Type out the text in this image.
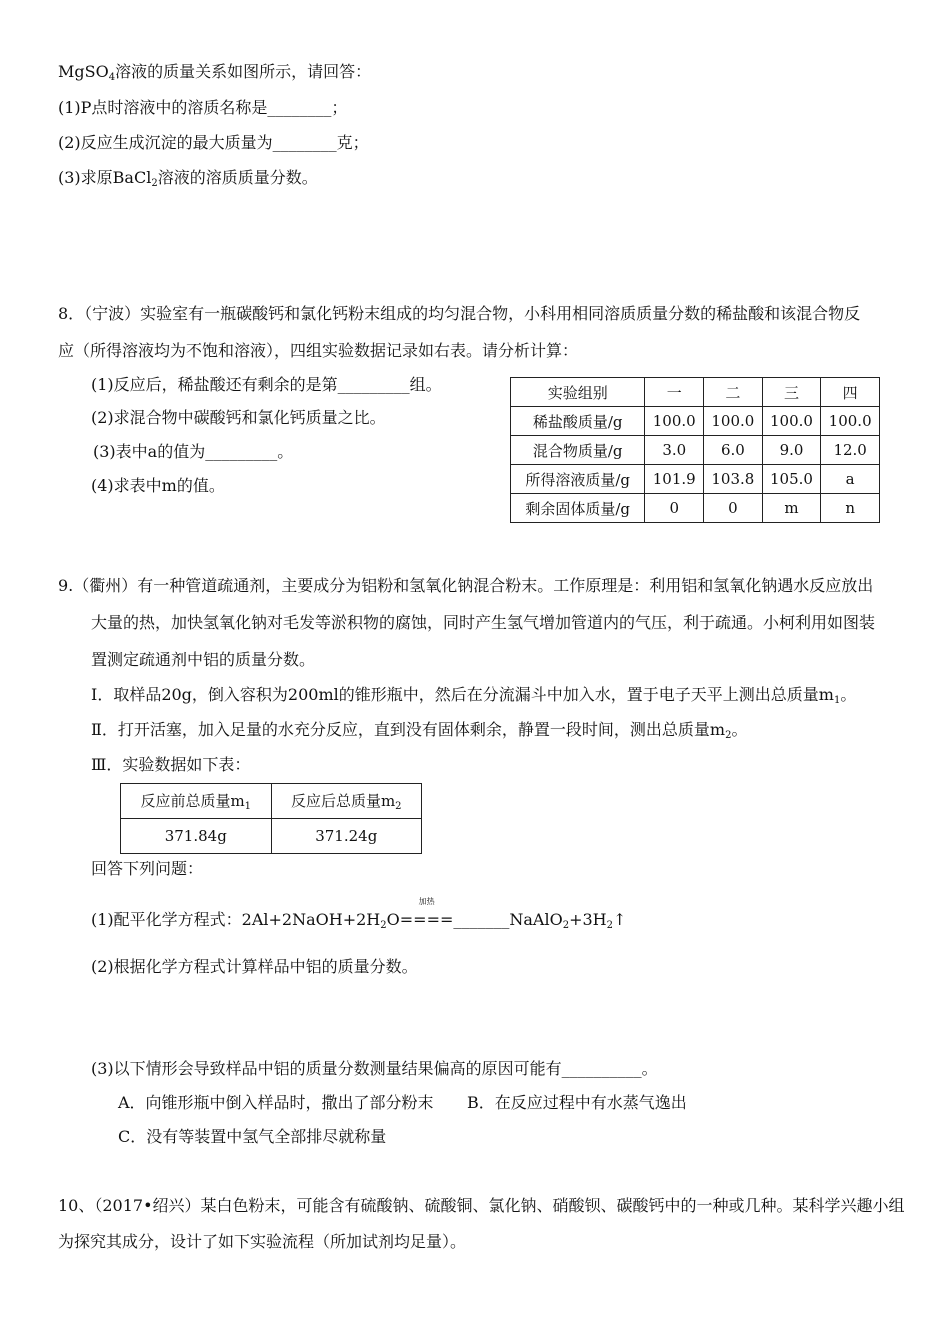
MgSO$_4$溶液的质量关系如图所示，请回答：
(1)P点时溶液中的溶质名称是________；
(2)反应生成沉淀的最大质量为________克；
(3)求原BaCl$_2$溶液的溶质质量分数。
8．（宁波）实验室有一瓶碳酸钙和氯化钙粉末组成的均匀混合物，小科用相同溶质质量分数的稀盐酸和该混合物反
应（所得溶液均为不饱和溶液），四组实验数据记录如右表。请分析计算：
(1)反应后，稀盐酸还有剩余的是第_________组。
(2)求混合物中碳酸钙和氯化钙质量之比。
(3)表中a的值为_________。
(4)求表中m的值。
实验组别	一	二	三	四
稀盐酸质量/g	100.0	100.0	100.0	100.0
混合物质量/g	3.0	6.0	9.0	12.0
所得溶液质量/g	101.9	103.8	105.0	a
剩余固体质量/g	0	0	m	n
9.（衢州）有一种管道疏通剂，主要成分为铝粉和氢氧化钠混合粉末。工作原理是：利用铝和氢氧化钠遇水反应放出
大量的热，加快氢氧化钠对毛发等淤积物的腐蚀，同时产生氢气增加管道内的气压，利于疏通。小柯利用如图装
置测定疏通剂中铝的质量分数。
Ⅰ．取样品20g，倒入容积为200ml的锥形瓶中，然后在分流漏斗中加入水，置于电子天平上测出总质量$m_1$。
Ⅱ．打开活塞，加入足量的水充分反应，直到没有固体剩余，静置一段时间，测出总质量$m_2$。
Ⅲ．实验数据如下表：
反应前总质量$m_1$	反应后总质量$m_2$
371.84g	371.24g
回答下列问题：
(1)配平化学方程式：$2Al+2NaOH+2H_2O$
加热
$====\_\_\_\_\_\_\_NaAlO_2+3H_2↑$
(2)根据化学方程式计算样品中铝的质量分数。
(3)以下情形会导致样品中铝的质量分数测量结果偏高的原因可能有__________。
A．向锥形瓶中倒入样品时，撒出了部分粉末 B．在反应过程中有水蒸气逸出
C．没有等装置中氢气全部排尽就称量
10、（2017•绍兴）某白色粉末，可能含有硫酸钠、硫酸铜、氯化钠、硝酸钡、碳酸钙中的一种或几种。某科学兴趣小组
为探究其成分，设计了如下实验流程（所加试剂均足量）。
